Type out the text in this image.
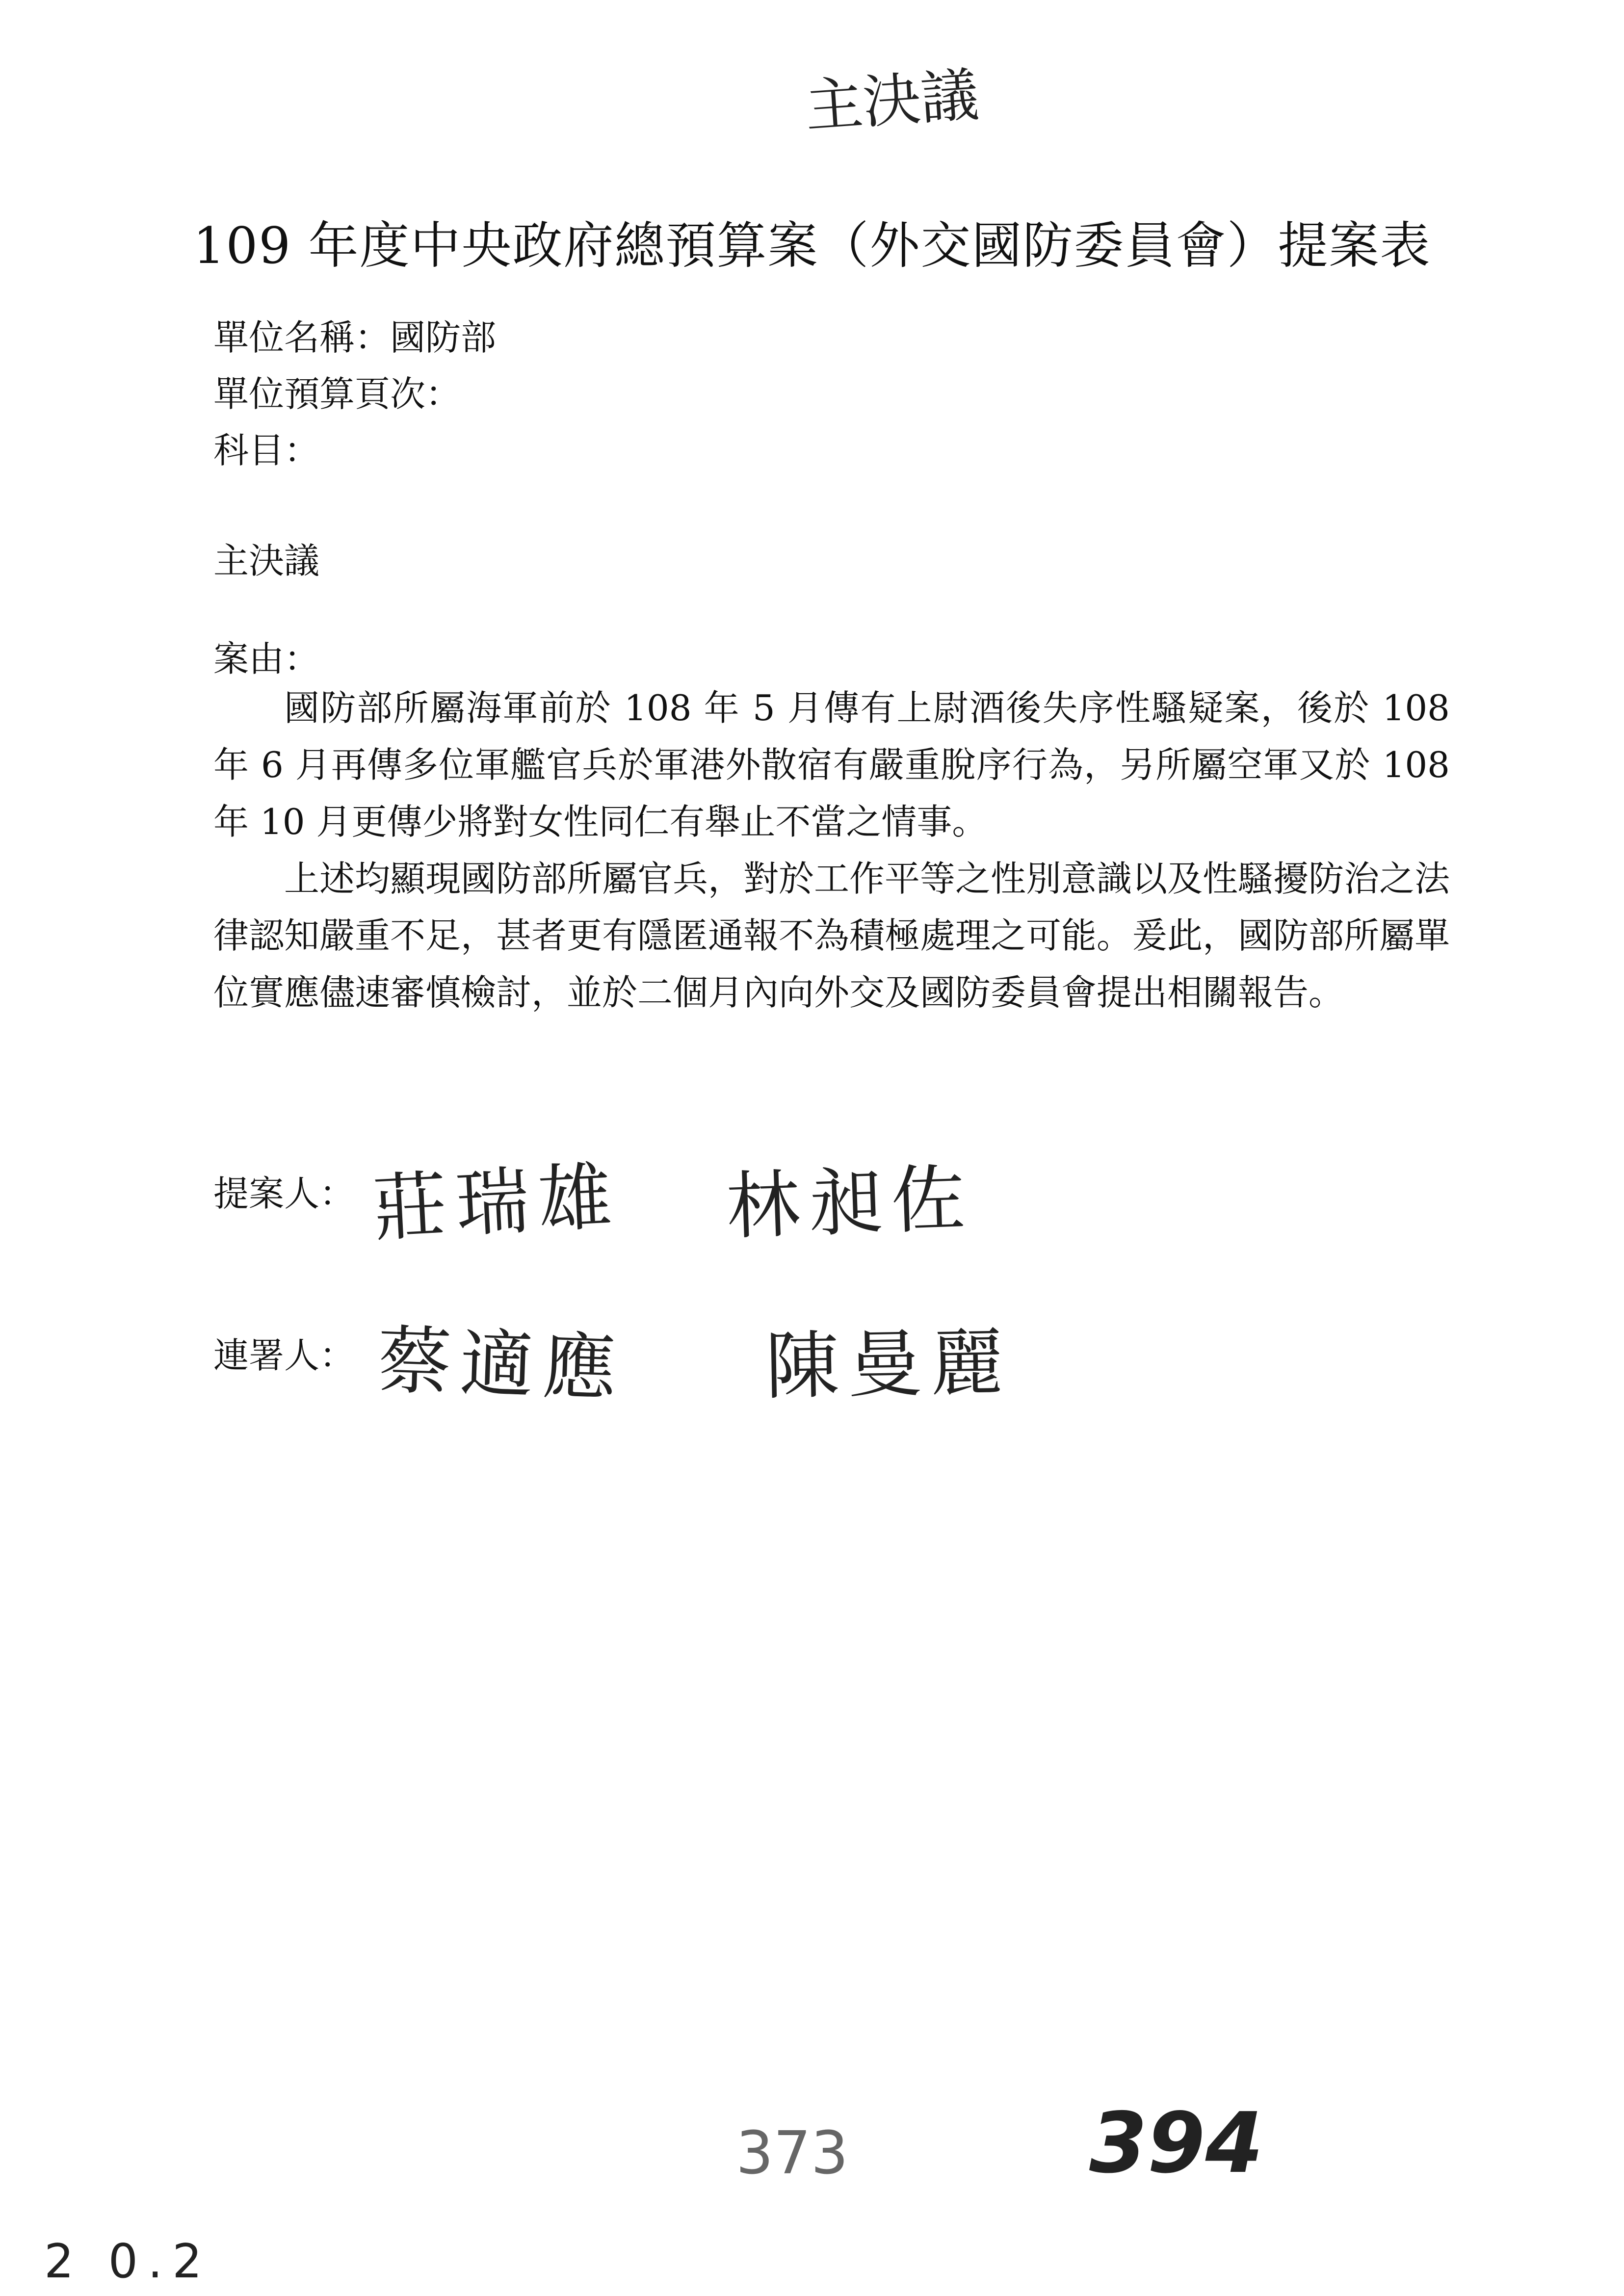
主決議
109 年度中央政府總預算案（外交國防委員會）提案表
單位名稱：國防部
單位預算頁次：
科目：
主決議
案由：

國防部所屬海軍前於 108 年 5 月傳有上尉酒後失序性騷疑案，後於 108 年 6 月再傳多位軍艦官兵於軍港外散宿有嚴重脫序行為，另所屬空軍又於 108 年 10 月更傳少將對女性同仁有舉止不當之情事。

上述均顯現國防部所屬官兵，對於工作平等之性別意識以及性騷擾防治之法律認知嚴重不足，甚者更有隱匿通報不為積極處理之可能。爰此，國防部所屬單位實應儘速審慎檢討，並於二個月內向外交及國防委員會提出相關報告。

提案人： 莊瑞雄 林昶佐
連署人： 蔡適應 陳曼麗
373	394
2 0.2
